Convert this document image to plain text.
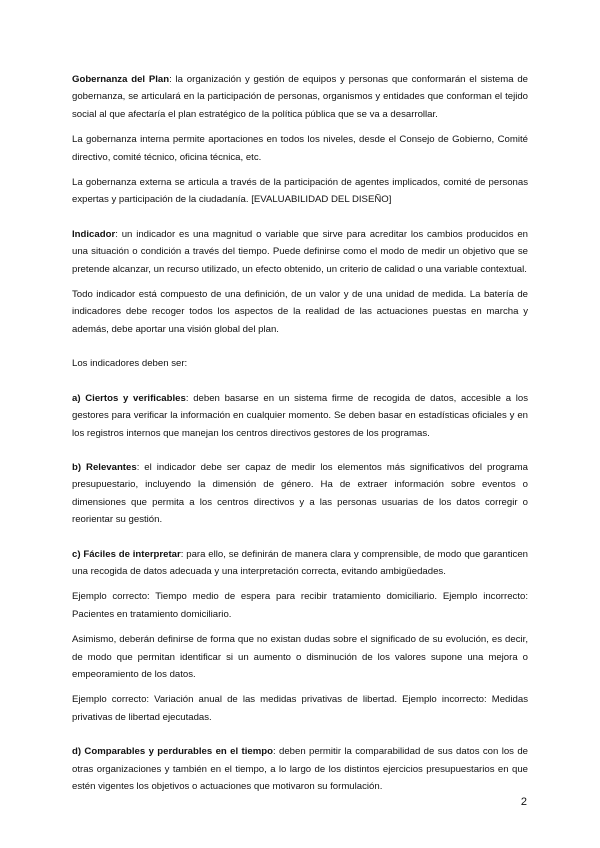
Gobernanza del Plan: la organización y gestión de equipos y personas que conformarán el sistema de gobernanza, se articulará en la participación de personas, organismos y entidades que conforman el tejido social al que afectaría el plan estratégico de la política pública que se va a desarrollar.

La gobernanza interna permite aportaciones en todos los niveles, desde el Consejo de Gobierno, Comité directivo, comité técnico, oficina técnica, etc.

La gobernanza externa se articula a través de la participación de agentes implicados, comité de personas expertas y participación de la ciudadanía. [EVALUABILIDAD DEL DISEÑO]

Indicador: un indicador es una magnitud o variable que sirve para acreditar los cambios producidos en una situación o condición a través del tiempo. Puede definirse como el modo de medir un objetivo que se pretende alcanzar, un recurso utilizado, un efecto obtenido, un criterio de calidad o una variable contextual.

Todo indicador está compuesto de una definición, de un valor y de una unidad de medida. La batería de indicadores debe recoger todos los aspectos de la realidad de las actuaciones puestas en marcha y además, debe aportar una visión global del plan.

Los indicadores deben ser:

a) Ciertos y verificables: deben basarse en un sistema firme de recogida de datos, accesible a los gestores para verificar la información en cualquier momento. Se deben basar en estadísticas oficiales y en los registros internos que manejan los centros directivos gestores de los programas.

b) Relevantes: el indicador debe ser capaz de medir los elementos más significativos del programa presupuestario, incluyendo la dimensión de género. Ha de extraer información sobre eventos o dimensiones que permita a los centros directivos y a las personas usuarias de los datos corregir o reorientar su gestión.

c) Fáciles de interpretar: para ello, se definirán de manera clara y comprensible, de modo que garanticen una recogida de datos adecuada y una interpretación correcta, evitando ambigüedades.

Ejemplo correcto: Tiempo medio de espera para recibir tratamiento domiciliario. Ejemplo incorrecto: Pacientes en tratamiento domiciliario.

Asimismo, deberán definirse de forma que no existan dudas sobre el significado de su evolución, es decir, de modo que permitan identificar si un aumento o disminución de los valores supone una mejora o empeoramiento de los datos.

Ejemplo correcto: Variación anual de las medidas privativas de libertad. Ejemplo incorrecto: Medidas privativas de libertad ejecutadas.

d) Comparables y perdurables en el tiempo: deben permitir la comparabilidad de sus datos con los de otras organizaciones y también en el tiempo, a lo largo de los distintos ejercicios presupuestarios en que estén vigentes los objetivos o actuaciones que motivaron su formulación.

2
